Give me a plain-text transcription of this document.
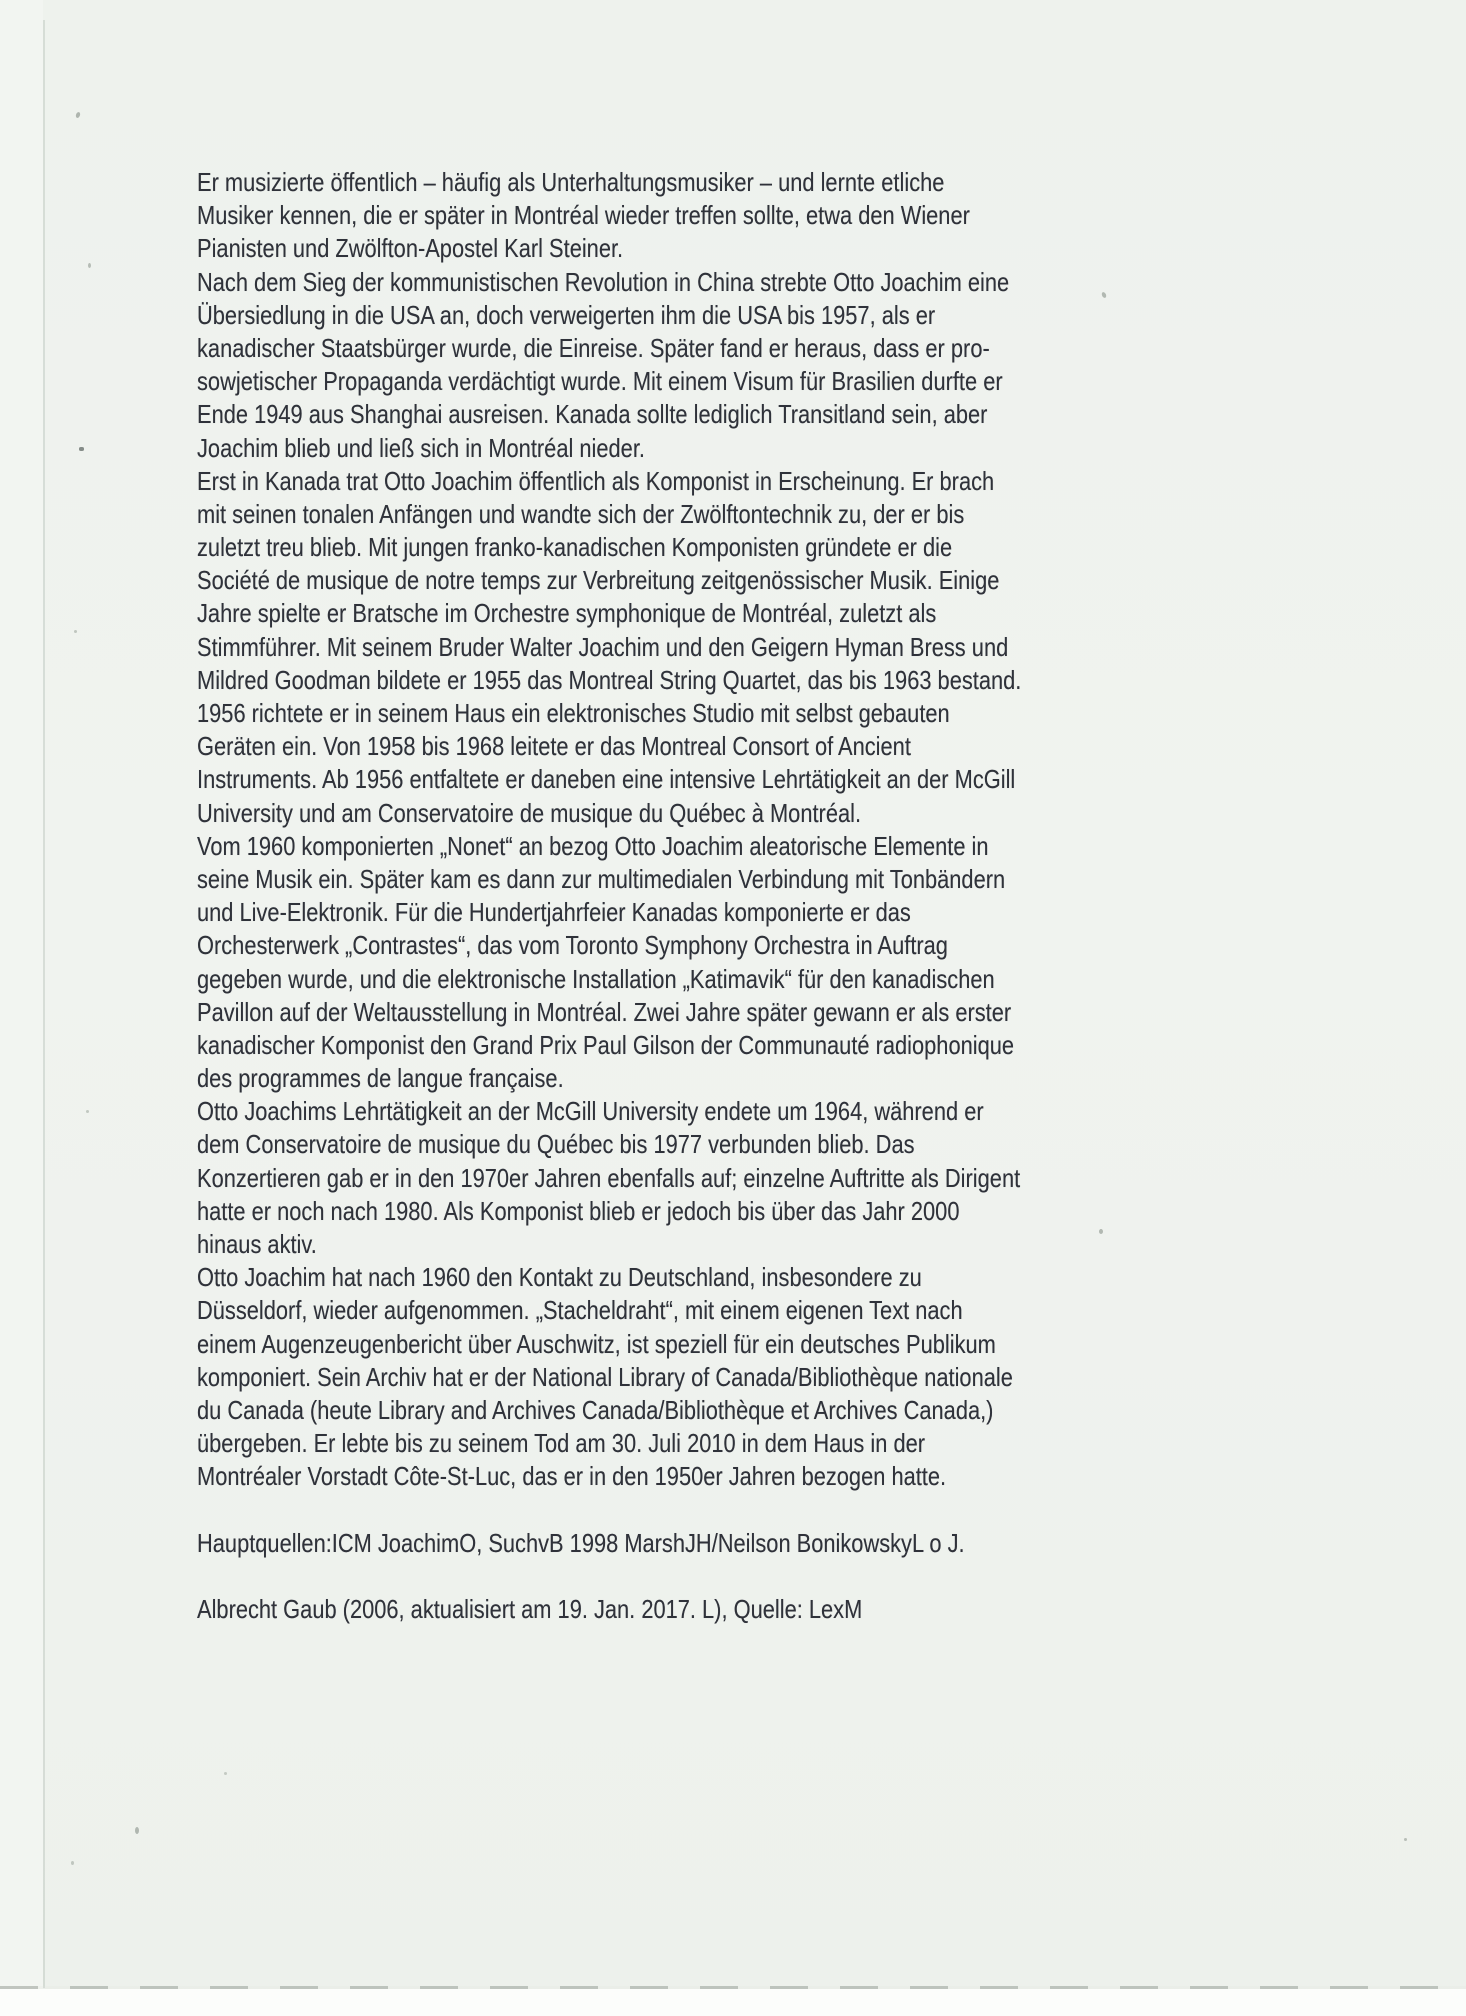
Er musizierte öffentlich – häufig als Unterhaltungsmusiker – und lernte etliche
Musiker kennen, die er später in Montréal wieder treffen sollte, etwa den Wiener
Pianisten und Zwölfton-Apostel Karl Steiner.
Nach dem Sieg der kommunistischen Revolution in China strebte Otto Joachim eine
Übersiedlung in die USA an, doch verweigerten ihm die USA bis 1957, als er
kanadischer Staatsbürger wurde, die Einreise. Später fand er heraus, dass er pro-
sowjetischer Propaganda verdächtigt wurde. Mit einem Visum für Brasilien durfte er
Ende 1949 aus Shanghai ausreisen. Kanada sollte lediglich Transitland sein, aber
Joachim blieb und ließ sich in Montréal nieder.
Erst in Kanada trat Otto Joachim öffentlich als Komponist in Erscheinung. Er brach
mit seinen tonalen Anfängen und wandte sich der Zwölftontechnik zu, der er bis
zuletzt treu blieb. Mit jungen franko-kanadischen Komponisten gründete er die
Société de musique de notre temps zur Verbreitung zeitgenössischer Musik. Einige
Jahre spielte er Bratsche im Orchestre symphonique de Montréal, zuletzt als
Stimmführer. Mit seinem Bruder Walter Joachim und den Geigern Hyman Bress und
Mildred Goodman bildete er 1955 das Montreal String Quartet, das bis 1963 bestand.
1956 richtete er in seinem Haus ein elektronisches Studio mit selbst gebauten
Geräten ein. Von 1958 bis 1968 leitete er das Montreal Consort of Ancient
Instruments. Ab 1956 entfaltete er daneben eine intensive Lehrtätigkeit an der McGill
University und am Conservatoire de musique du Québec à Montréal.
Vom 1960 komponierten „Nonet“ an bezog Otto Joachim aleatorische Elemente in
seine Musik ein. Später kam es dann zur multimedialen Verbindung mit Tonbändern
und Live-Elektronik. Für die Hundertjahrfeier Kanadas komponierte er das
Orchesterwerk „Contrastes“, das vom Toronto Symphony Orchestra in Auftrag
gegeben wurde, und die elektronische Installation „Katimavik“ für den kanadischen
Pavillon auf der Weltausstellung in Montréal. Zwei Jahre später gewann er als erster
kanadischer Komponist den Grand Prix Paul Gilson der Communauté radiophonique
des programmes de langue française.
Otto Joachims Lehrtätigkeit an der McGill University endete um 1964, während er
dem Conservatoire de musique du Québec bis 1977 verbunden blieb. Das
Konzertieren gab er in den 1970er Jahren ebenfalls auf; einzelne Auftritte als Dirigent
hatte er noch nach 1980. Als Komponist blieb er jedoch bis über das Jahr 2000
hinaus aktiv.
Otto Joachim hat nach 1960 den Kontakt zu Deutschland, insbesondere zu
Düsseldorf, wieder aufgenommen. „Stacheldraht“, mit einem eigenen Text nach
einem Augenzeugenbericht über Auschwitz, ist speziell für ein deutsches Publikum
komponiert. Sein Archiv hat er der National Library of Canada/Bibliothèque nationale
du Canada (heute Library and Archives Canada/Bibliothèque et Archives Canada,)
übergeben. Er lebte bis zu seinem Tod am 30. Juli 2010 in dem Haus in der
Montréaler Vorstadt Côte-St-Luc, das er in den 1950er Jahren bezogen hatte.
Hauptquellen:ICM JoachimO, SuchvB 1998 MarshJH/Neilson BonikowskyL o J.
Albrecht Gaub (2006, aktualisiert am 19. Jan. 2017. L), Quelle: LexM
